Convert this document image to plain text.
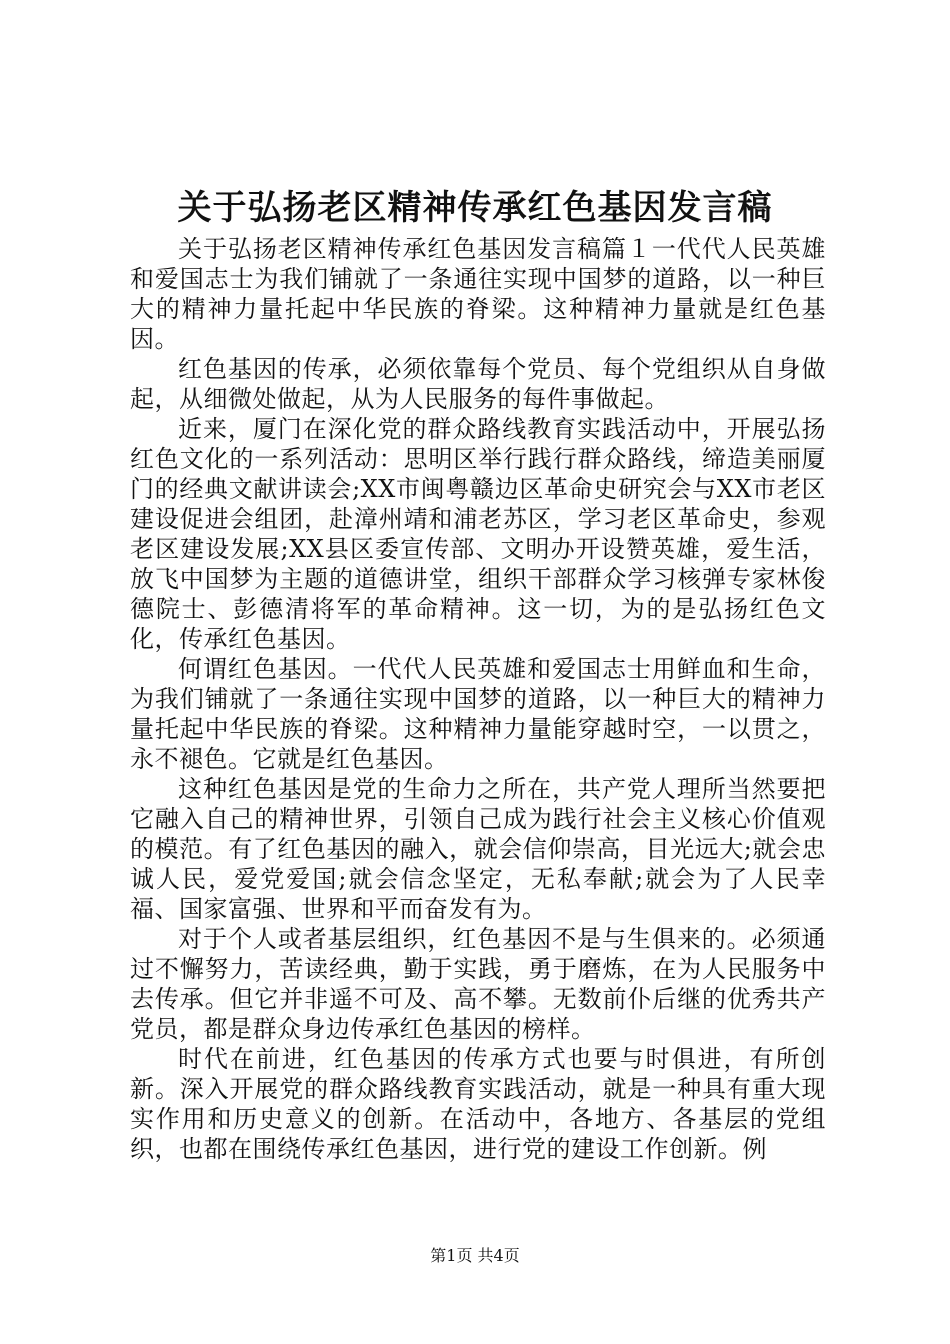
关于弘扬老区精神传承红色基因发言稿

关于弘扬老区精神传承红色基因发言稿篇１一代代人民英雄和爱国志士为我们铺就了一条通往实现中国梦的道路，以一种巨大的精神力量托起中华民族的脊梁。这种精神力量就是红色基因。

红色基因的传承，必须依靠每个党员、每个党组织从自身做起，从细微处做起，从为人民服务的每件事做起。

近来，厦门在深化党的群众路线教育实践活动中，开展弘扬红色文化的一系列活动：思明区举行践行群众路线，缔造美丽厦门的经典文献讲读会;XX市闽粤赣边区革命史研究会与XX市老区建设促进会组团，赴漳州靖和浦老苏区，学习老区革命史，参观老区建设发展;XX县区委宣传部、文明办开设赞英雄，爱生活，放飞中国梦为主题的道德讲堂，组织干部群众学习核弹专家林俊德院士、彭德清将军的革命精神。这一切，为的是弘扬红色文化，传承红色基因。

何谓红色基因。一代代人民英雄和爱国志士用鲜血和生命，为我们铺就了一条通往实现中国梦的道路，以一种巨大的精神力量托起中华民族的脊梁。这种精神力量能穿越时空，一以贯之，永不褪色。它就是红色基因。

这种红色基因是党的生命力之所在，共产党人理所当然要把它融入自己的精神世界，引领自己成为践行社会主义核心价值观的模范。有了红色基因的融入，就会信仰崇高，目光远大;就会忠诚人民，爱党爱国;就会信念坚定，无私奉献;就会为了人民幸福、国家富强、世界和平而奋发有为。

对于个人或者基层组织，红色基因不是与生俱来的。必须通过不懈努力，苦读经典，勤于实践，勇于磨炼，在为人民服务中去传承。但它并非遥不可及、高不攀。无数前仆后继的优秀共产党员，都是群众身边传承红色基因的榜样。

时代在前进，红色基因的传承方式也要与时俱进，有所创新。深入开展党的群众路线教育实践活动，就是一种具有重大现实作用和历史意义的创新。在活动中，各地方、各基层的党组织，也都在围绕传承红色基因，进行党的建设工作创新。例

第1页 共4页
